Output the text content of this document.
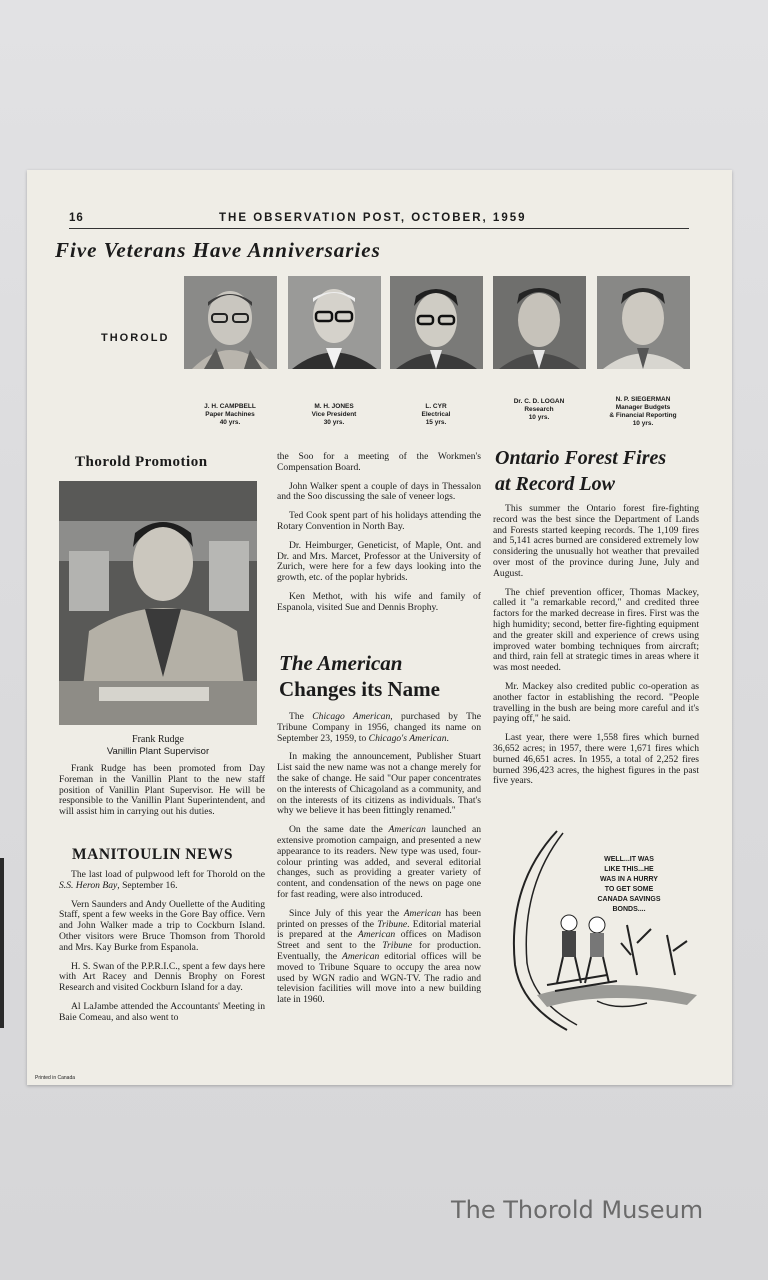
16	THE OBSERVATION POST, OCTOBER, 1959
Five Veterans Have Anniversaries
THOROLD
J. H. CAMPBELL
Paper Machines
40 yrs.
M. H. JONES
Vice President
30 yrs.
L. CYR
Electrical
15 yrs.
Dr. C. D. LOGAN
Research
10 yrs.
N. P. SIEGERMAN
Manager Budgets
& Financial Reporting
10 yrs.
Thorold Promotion
Frank Rudge
Vanillin Plant Supervisor

Frank Rudge has been promoted from Day Foreman in the Vanillin Plant to the new staff position of Vanillin Plant Supervisor. He will be responsible to the Vanillin Plant Superintendent, and will assist him in carrying out his duties.

MANITOULIN NEWS

The last load of pulpwood left for Thorold on the S.S. Heron Bay, September 16.

Vern Saunders and Andy Ouellette of the Auditing Staff, spent a few weeks in the Gore Bay office. Vern and John Walker made a trip to Cockburn Island. Other visitors were Bruce Thomson from Thorold and Mrs. Kay Burke from Espanola.

H. S. Swan of the P.P.R.I.C., spent a few days here with Art Racey and Dennis Brophy on Forest Research and visited Cockburn Island for a day.

Al LaJambe attended the Accountants' Meeting in Baie Comeau, and also went to

the Soo for a meeting of the Workmen's Compensation Board.

John Walker spent a couple of days in Thessalon and the Soo discussing the sale of veneer logs.

Ted Cook spent part of his holidays attending the Rotary Convention in North Bay.

Dr. Heimburger, Geneticist, of Maple, Ont. and Dr. and Mrs. Marcet, Professor at the University of Zurich, were here for a few days looking into the growth, etc. of the poplar hybrids.

Ken Methot, with his wife and family of Espanola, visited Sue and Dennis Brophy.

The American
Changes its Name

The Chicago American, purchased by The Tribune Company in 1956, changed its name on September 23, 1959, to Chicago's American.

In making the announcement, Publisher Stuart List said the new name was not a change merely for the sake of change. He said "Our paper concentrates on the interests of Chicagoland as a community, and on the interests of its citizens as individuals. That's why we believe it has been fittingly renamed."

On the same date the American launched an extensive promotion campaign, and presented a new appearance to its readers. New type was used, four-colour printing was added, and several editorial changes, such as providing a greater variety of content, and condensation of the news on page one for fast reading, were also introduced.

Since July of this year the American has been printed on presses of the Tribune. Editorial material is prepared at the American offices on Madison Street and sent to the Tribune for production. Eventually, the American editorial offices will be moved to Tribune Square to occupy the area now used by WGN radio and WGN-TV. The radio and television facilities will move into a new building late in 1960.

Ontario Forest Fires
at Record Low

This summer the Ontario forest fire-fighting record was the best since the Department of Lands and Forests started keeping records. The 1,109 fires and 5,141 acres burned are considered extremely low considering the unusually hot weather that prevailed over most of the province during June, July and August.

The chief prevention officer, Thomas Mackey, called it "a remarkable record," and credited three factors for the marked decrease in fires. First was the high humidity; second, better fire-fighting equipment and the greater skill and experience of crews using improved water bombing techniques from aircraft; and third, rain fell at strategic times in areas where it was most needed.

Mr. Mackey also credited public co-operation as another factor in establishing the record. "People travelling in the bush are being more careful and it's paying off," he said.

Last year, there were 1,558 fires which burned 36,652 acres; in 1957, there were 1,671 fires which burned 46,651 acres. In 1955, a total of 2,252 fires burned 396,423 acres, the highest figures in the past five years.

WELL...IT WAS
LIKE THIS...HE
WAS IN A HURRY
TO GET SOME
CANADA SAVINGS
BONDS....
Printed in Canada
The Thorold Museum
